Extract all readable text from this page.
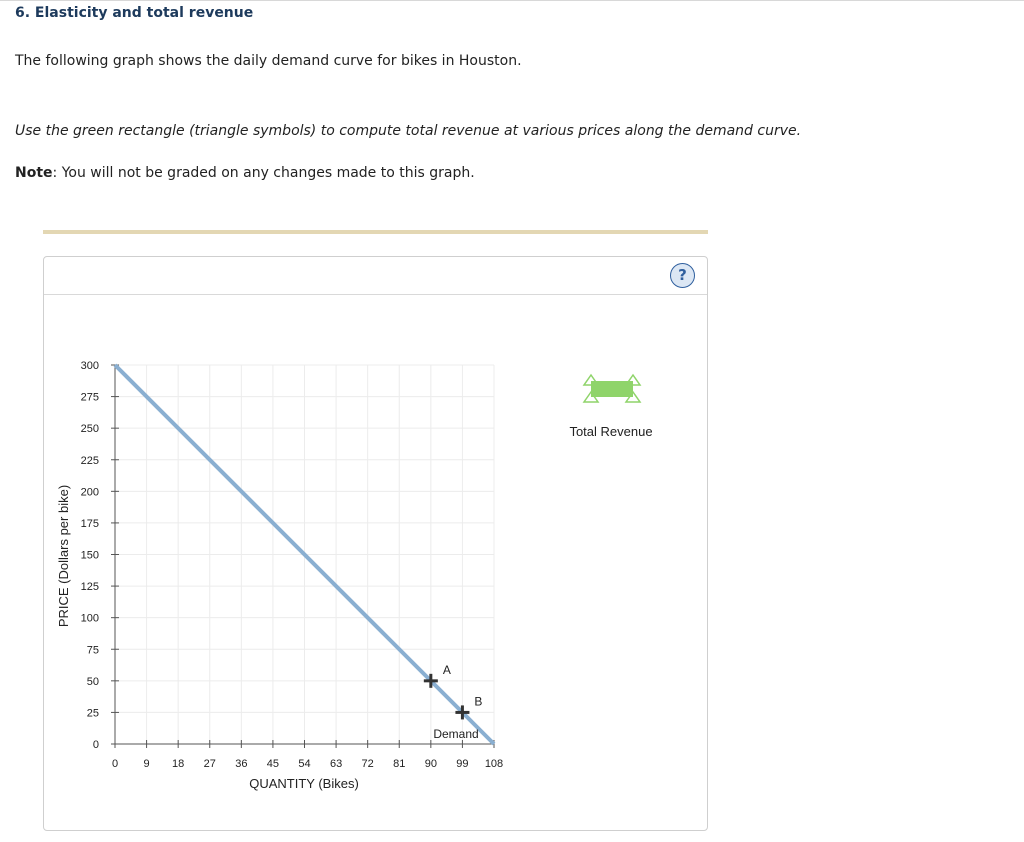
6. Elasticity and total revenue

The following graph shows the daily demand curve for bikes in Houston.

Use the green rectangle (triangle symbols) to compute total revenue at various prices along the demand curve.

Note: You will not be graded on any changes made to this graph.

?
0 9 18 27 36 45 54 63 72 81 90 99 108
0
25
50
75
100
125
150
175
200
225
250
275
300
Demand
A
B
QUANTITY (Bikes)
PRICE (Dollars per bike)
Total Revenue
